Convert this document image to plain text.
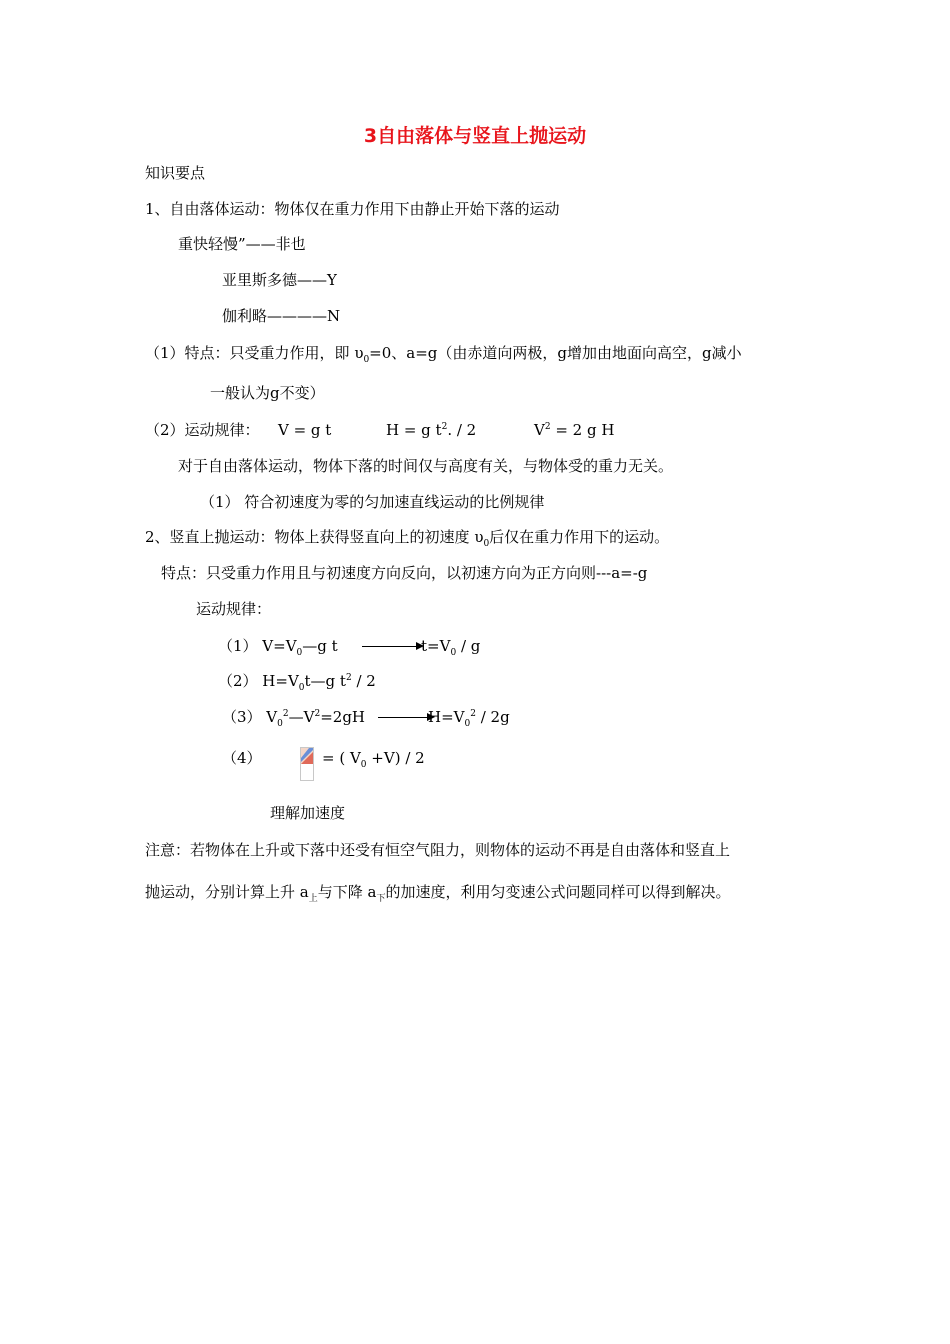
3自由落体与竖直上抛运动
知识要点
1、自由落体运动：物体仅在重力作用下由静止开始下落的运动
重快轻慢”——非也
亚里斯多德——Y
伽利略————N
（1）特点：只受重力作用，即 $\upsilon_0=0$、a=g（由赤道向两极，g增加由地面向高空，g减小
一般认为g不变）
（2）运动规律： V = g t	H = g $t^2$. / 2	$V^2 = 2$ g H
对于自由落体运动，物体下落的时间仅与高度有关，与物体受的重力无关。
（1） 符合初速度为零的匀加速直线运动的比例规律
2、竖直上抛运动：物体上获得竖直向上的初速度 $\upsilon_0$后仅在重力作用下的运动。
特点：只受重力作用且与初速度方向反向，以初速方向为正方向则---a=-g
运动规律：
（1） $V=V_0—g$ t	$t=V_0 / g$
（2） $H=V_0t—g$ $t^2 / 2$
（3） $V_0^2—V^2=2gH$	$H=V_0^2 / 2g$
（4）	= ( $V_0 +V) / 2$
理解加速度
注意：若物体在上升或下落中还受有恒空气阻力，则物体的运动不再是自由落体和竖直上
抛运动，分别计算上升 $a_上$与下降 $a_下$的加速度，利用匀变速公式问题同样可以得到解决。
